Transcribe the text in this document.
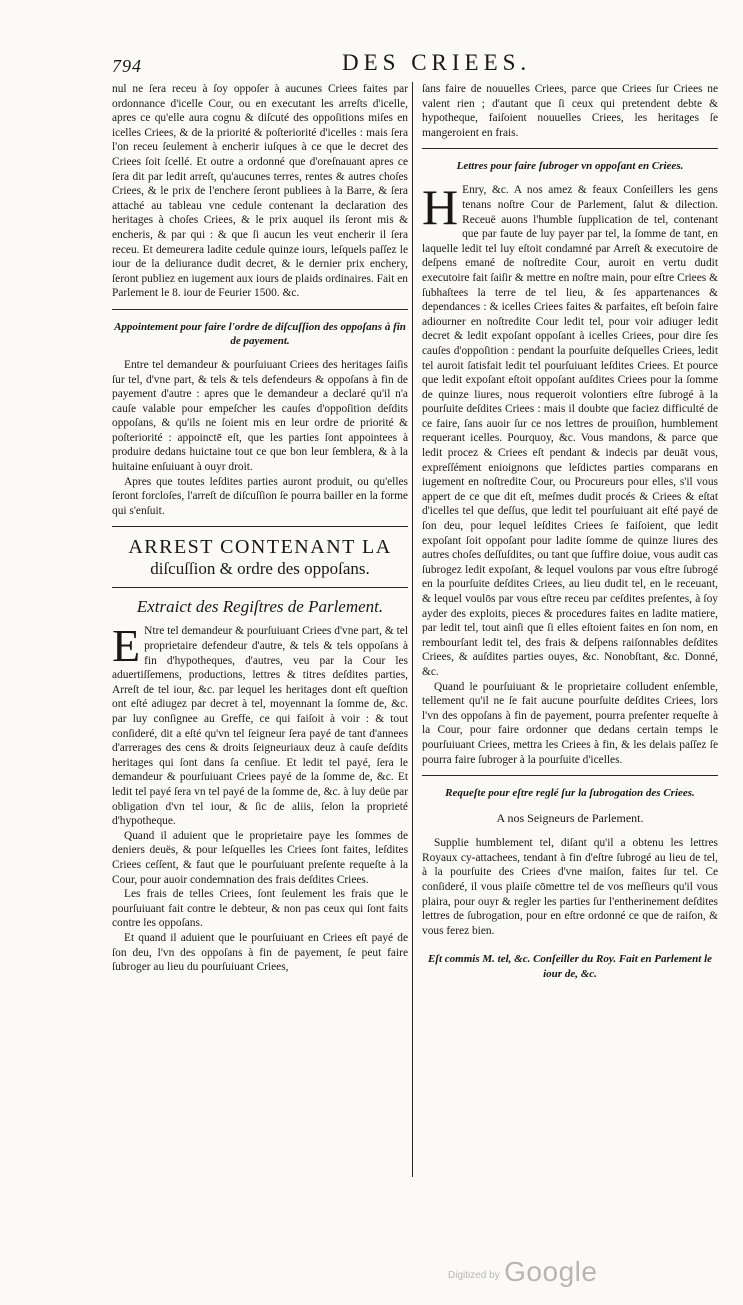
794	DES CRIEES.

nul ne ſera receu à ſoy oppoſer à aucunes Criees faites par ordonnance d'icelle Cour, ou en executant les arreſts d'icelle, apres ce qu'elle aura cognu & diſcuté des oppoſitions miſes en icelles Criees, & de la priorité & poſteriorité d'icelles : mais ſera l'on receu ſeulement à encherir iuſques à ce que le decret des Criees ſoit ſcellé. Et outre a ordonné que d'oreſnauant apres ce ſera dit par ledit arreſt, qu'aucunes terres, rentes & autres choſes Criees, & le prix de l'enchere ſeront publiees à la Barre, & ſera attaché au tableau vne cedule contenant la declaration des heritages à choſes Criees, & le prix auquel ils ſeront mis & encheris, & par qui : & que ſi aucun les veut encherir il ſera receu. Et demeurera ladite cedule quinze iours, leſquels paſſez le iour de la deliurance dudit decret, & le dernier prix enchery, ſeront publiez en iugement aux iours de plaids ordinaires. Fait en Parlement le 8. iour de Feurier 1500. &c.

Appointement pour faire l'ordre de diſcuſſion des oppoſans à fin de payement.

Entre tel demandeur & pourſuiuant Criees des heritages ſaiſis ſur tel, d'vne part, & tels & tels defendeurs & oppoſans à fin de payement d'autre : apres que le demandeur a declaré qu'il n'a cauſe valable pour empeſcher les cauſes d'oppoſition deſdits oppoſans, & qu'ils ne ſoient mis en leur ordre de priorité & poſteriorité : appoinctē eſt, que les parties ſont appointees à produire dedans huictaine tout ce que bon leur ſemblera, & à la huitaine enſuiuant à ouyr droit.

Apres que toutes leſdites parties auront produit, ou qu'elles ſeront forcloſes, l'arreſt de diſcuſſion ſe pourra bailler en la forme qui s'enſuit.

ARREST CONTENANT LA
diſcuſſion & ordre des oppoſans.
Extraict des Regiſtres de Parlement.
E Ntre tel demandeur & pourſuiuant Criees d'vne part, & tel proprietaire defendeur d'autre, & tels & tels oppoſans à fin d'hypotheques, d'autres, veu par la Cour les aduertiſſemens, productions, lettres & titres deſdites parties, Arreſt de tel iour, &c. par lequel les heritages dont eſt queſtion ont eſté adiugez par decret à tel, moyennant la ſomme de, &c. par luy conſignee au Greffe, ce qui faiſoit à voir : & tout conſideré, dit a eſté qu'vn tel ſeigneur ſera payé de tant d'annees d'arrerages des cens & droits ſeigneuriaux deuz à cauſe deſdits heritages qui ſont dans ſa cenſiue. Et ledit tel payé, ſera le demandeur & pourſuiuant Criees payé de la ſomme de, &c. Et ledit tel payé ſera vn tel payé de la ſomme de, &c. à luy deüe par obligation d'vn tel iour, & ſic de aliis, ſelon la proprieté d'hypotheque.

Quand il aduient que le proprietaire paye les ſommes de deniers deuës, & pour leſquelles les Criees ſont faites, leſdites Criees ceſſent, & faut que le pourſuiuant preſente requeſte à la Cour, pour auoir condemnation des frais deſdites Criees.

Les frais de telles Criees, ſont ſeulement les frais que le pourſuiuant fait contre le debteur, & non pas ceux qui ſont faits contre les oppoſans.

Et quand il aduient que le pourſuiuant en Criees eſt payé de ſon deu, l'vn des oppoſans à fin de payement, ſe peut faire ſubroger au lieu du pourſuiuant Criees,

ſans faire de nouuelles Criees, parce que Criees ſur Criees ne valent rien ; d'autant que ſi ceux qui pretendent debte & hypotheque, faiſoient nouuelles Criees, les heritages ſe mangeroient en frais.

Lettres pour faire ſubroger vn oppoſant en Criees.
H Enry, &c. A nos amez & feaux Conſeillers les gens tenans noſtre Cour de Parlement, ſalut & dilection. Receuë auons l'humble ſupplication de tel, contenant que par faute de luy payer par tel, la ſomme de tant, en laquelle ledit tel luy eſtoit condamné par Arreſt & executoire de deſpens emané de noſtredite Cour, auroit en vertu dudit executoire fait ſaiſir & mettre en noſtre main, pour eſtre Criees & ſubhaſtees la terre de tel lieu, & ſes appartenances & dependances : & icelles Criees faites & parfaites, eſt beſoin faire adiourner en noſtredite Cour ledit tel, pour voir adiuger ledit decret & ledit expoſant oppoſant à icelles Criees, pour dire ſes cauſes d'oppoſition : pendant la pourſuite deſquelles Criees, ledit tel auroit ſatisfait ledit tel pourſuiuant leſdites Criees. Et pource que ledit expoſant eſtoit oppoſant auſdites Criees pour la ſomme de quinze liures, nous requeroit volontiers eſtre ſubrogé à la pourſuite deſdites Criees : mais il doubte que faciez difficulté de ce faire, ſans auoir ſur ce nos lettres de prouiſion, humblement requerant icelles. Pourquoy, &c. Vous mandons, & parce que ledit procez & Criees eſt pendant & indecis par deuāt vous, expreſſément enioignons que leſdictes parties comparans en iugement en noſtredite Cour, ou Procureurs pour elles, s'il vous appert de ce que dit eſt, meſmes dudit procés & Criees & eſtat d'icelles tel que deſſus, que ledit tel pourſuiuant ait eſté payé de ſon deu, pour lequel leſdites Criees ſe faiſoient, que ledit expoſant ſoit oppoſant pour ladite ſomme de quinze liures des autres choſes deſſuſdites, ou tant que ſuffire doiue, vous audit cas ſubrogez ledit expoſant, & lequel voulons par vous eſtre ſubrogé en la pourſuite deſdites Criees, au lieu dudit tel, en le receuant, & lequel voulōs par vous eſtre receu par ceſdites preſentes, à ſoy ayder des exploits, pieces & procedures faites en ladite matiere, par ledit tel, tout ainſi que ſi elles eſtoient faites en ſon nom, en rembourſant ledit tel, des frais & deſpens raiſonnables deſdites Criees, & auſdites parties ouyes, &c. Nonobſtant, &c. Donné, &c.

Quand le pourſuiuant & le proprietaire colludent enſemble, tellement qu'il ne ſe fait aucune pourſuite deſdites Criees, lors l'vn des oppoſans à fin de payement, pourra preſenter requeſte à la Cour, pour faire ordonner que dedans certain temps le pourſuiuant Criees, mettra les Criees à fin, & les delais paſſez ſe pourra faire ſubroger à la pourſuite d'icelles.

Requeſte pour eſtre reglé ſur la ſubrogation des Criees.
A nos Seigneurs de Parlement.

Supplie humblement tel, diſant qu'il a obtenu les lettres Royaux cy-attachees, tendant à fin d'eſtre ſubrogé au lieu de tel, à la pourſuite des Criees d'vne maiſon, faites ſur tel. Ce conſideré, il vous plaiſe cōmettre tel de vos meſſieurs qu'il vous plaira, pour ouyr & regler les parties ſur l'entherinement deſdites lettres de ſubrogation, pour en eſtre ordonné ce que de raiſon, & vous ferez bien.

Eſt commis M. tel, &c. Conſeiller du Roy. Fait en Parlement le iour de, &c.
Digitized by Google
